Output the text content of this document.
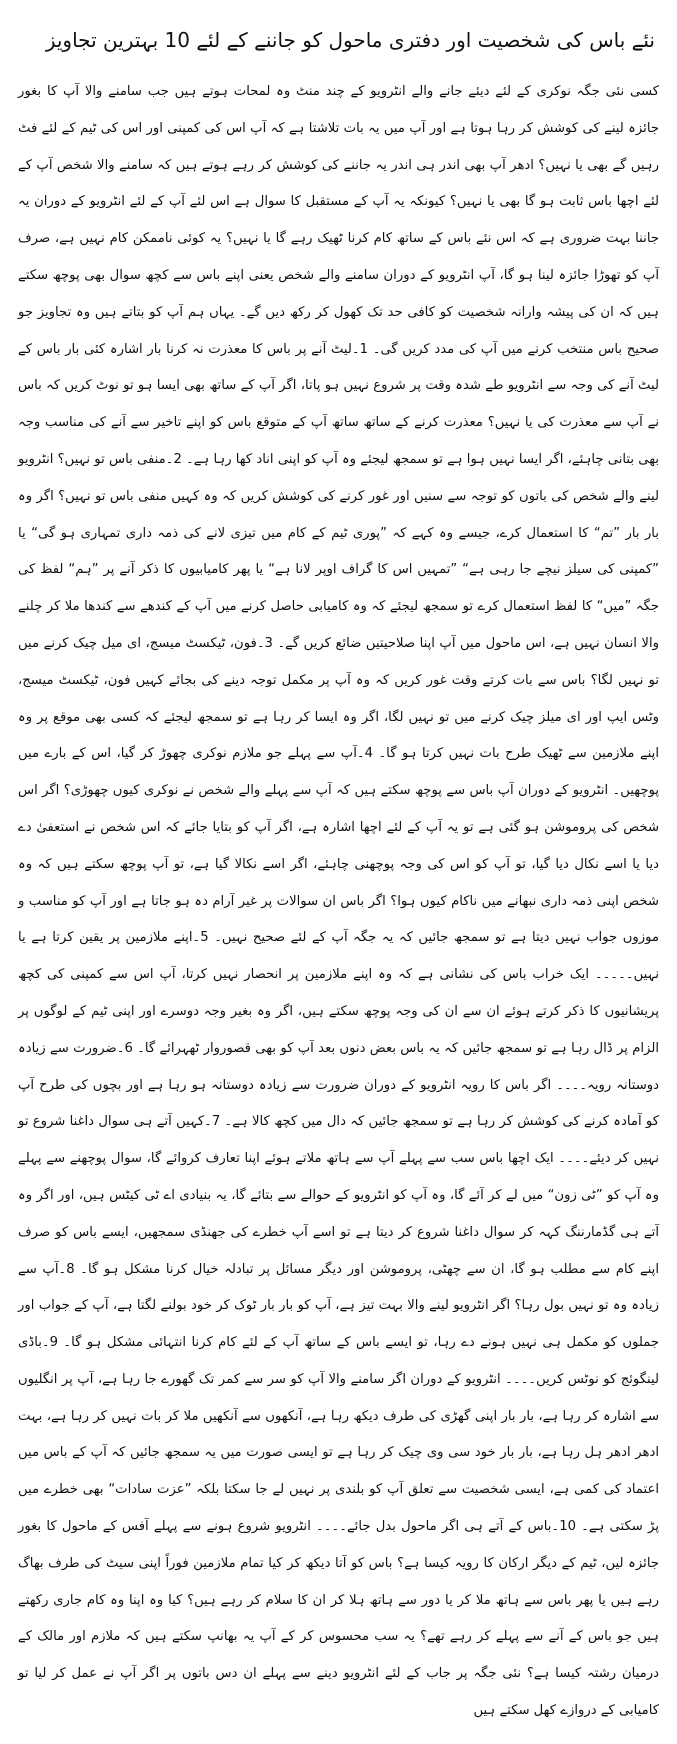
نئے باس کی شخصیت اور دفتری ماحول کو جاننے کے لئے 10 بہترین تجاویز

کسی نئی جگہ نوکری کے لئے دیئے جانے والے انٹرویو کے چند منٹ وہ لمحات ہوتے ہیں جب سامنے والا آپ کا بغور جائزہ لینے کی کوشش کر رہا ہوتا ہے اور آپ میں یہ بات تلاشتا ہے کہ آپ اس کی کمپنی اور اس کی ٹیم کے لئے فٹ رہیں گے بھی یا نہیں؟ ادھر آپ بھی اندر ہی اندر یہ جاننے کی کوشش کر رہے ہوتے ہیں کہ سامنے والا شخص آپ کے لئے اچھا باس ثابت ہو گا بھی یا نہیں؟ کیونکہ یہ آپ کے مستقبل کا سوال ہے اس لئے آپ کے لئے انٹرویو کے دوران یہ جاننا بہت ضروری ہے کہ اس نئے باس کے ساتھ کام کرنا ٹھیک رہے گا یا نہیں؟ یہ کوئی ناممکن کام نہیں ہے، صرف آپ کو تھوڑا جائزہ لینا ہو گا، آپ انٹرویو کے دوران سامنے والے شخص یعنی اپنے باس سے کچھ سوال بھی پوچھ سکتے ہیں کہ ان کی پیشہ وارانہ شخصیت کو کافی حد تک کھول کر رکھ دیں گے۔ یہاں ہم آپ کو بتاتے ہیں وہ تجاویز جو صحیح باس منتخب کرنے میں آپ کی مدد کریں گی۔ 1۔لیٹ آنے پر باس کا معذرت نہ کرنا بار اشارہ کئی بار باس کے لیٹ آنے کی وجہ سے انٹرویو طے شدہ وقت پر شروع نہیں ہو پاتا، اگر آپ کے ساتھ بھی ایسا ہو تو نوٹ کریں کہ باس نے آپ سے معذرت کی یا نہیں؟ معذرت کرنے کے ساتھ ساتھ آپ کے متوقع باس کو اپنے تاخیر سے آنے کی مناسب وجہ بھی بتانی چاہئے، اگر ایسا نہیں ہوا ہے تو سمجھ لیجئے وہ آپ کو اپنی اناد کھا رہا ہے۔ 2۔منفی باس تو نہیں؟ انٹرویو لینے والے شخص کی باتوں کو توجہ سے سنیں اور غور کرنے کی کوشش کریں کہ وہ کہیں منفی باس تو نہیں؟ اگر وہ بار بار ”تم“ کا استعمال کرے، جیسے وہ کہے کہ ”پوری ٹیم کے کام میں تیزی لانے کی ذمہ داری تمہاری ہو گی“ یا ”کمپنی کی سیلز نیچے جا رہی ہے“ ”تمہیں اس کا گراف اوپر لانا ہے“ یا پھر کامیابیوں کا ذکر آنے پر ”ہم“ لفظ کی جگہ ”میں“ کا لفظ استعمال کرے تو سمجھ لیجئے کہ وہ کامیابی حاصل کرنے میں آپ کے کندھے سے کندھا ملا کر چلنے والا انسان نہیں ہے، اس ماحول میں آپ اپنا صلاحیتیں ضائع کریں گے۔ 3۔فون، ٹیکسٹ میسج، ای میل چیک کرنے میں تو نہیں لگا؟ باس سے بات کرتے وقت غور کریں کہ وہ آپ پر مکمل توجہ دینے کی بجائے کہیں فون، ٹیکسٹ میسج، وٹس ایپ اور ای میلز چیک کرنے میں تو نہیں لگا، اگر وہ ایسا کر رہا ہے تو سمجھ لیجئے کہ کسی بھی موقع پر وہ اپنے ملازمین سے ٹھیک طرح بات نہیں کرتا ہو گا۔ 4۔آپ سے پہلے جو ملازم نوکری چھوڑ کر گیا، اس کے بارے میں پوچھیں۔ انٹرویو کے دوران آپ باس سے پوچھ سکتے ہیں کہ آپ سے پہلے والے شخص نے نوکری کیوں چھوڑی؟ اگر اس شخص کی پروموشن ہو گئی ہے تو یہ آپ کے لئے اچھا اشارہ ہے، اگر آپ کو بتایا جائے کہ اس شخص نے استعفیٰ دے دیا یا اسے نکال دیا گیا، تو آپ کو اس کی وجہ پوچھنی چاہئے، اگر اسے نکالا گیا ہے، تو آپ پوچھ سکتے ہیں کہ وہ شخص اپنی ذمہ داری نبھانے میں ناکام کیوں ہوا؟ اگر باس ان سوالات پر غیر آرام دہ ہو جاتا ہے اور آپ کو مناسب و موزوں جواب نہیں دیتا ہے تو سمجھ جائیں کہ یہ جگہ آپ کے لئے صحیح نہیں۔ 5۔اپنے ملازمین پر یقین کرتا ہے یا نہیں۔۔۔۔۔ ایک خراب باس کی نشانی ہے کہ وہ اپنے ملازمین پر انحصار نہیں کرتا، آپ اس سے کمپنی کی کچھ پریشانیوں کا ذکر کرتے ہوئے ان سے ان کی وجہ پوچھ سکتے ہیں، اگر وہ بغیر وجہ دوسرے اور اپنی ٹیم کے لوگوں پر الزام پر ڈال رہا ہے تو سمجھ جائیں کہ یہ باس بعض دنوں بعد آپ کو بھی قصوروار ٹھہرائے گا۔ 6۔ضرورت سے زیادہ دوستانہ رویہ۔۔۔۔ اگر باس کا رویہ انٹرویو کے دوران ضرورت سے زیادہ دوستانہ ہو رہا ہے اور بچوں کی طرح آپ کو آمادہ کرنے کی کوشش کر رہا ہے تو سمجھ جائیں کہ دال میں کچھ کالا ہے۔ 7۔کہیں آتے ہی سوال داغنا شروع تو نہیں کر دیئے۔۔۔۔ ایک اچھا باس سب سے پہلے آپ سے ہاتھ ملاتے ہوئے اپنا تعارف کروائے گا، سوال پوچھنے سے پہلے وہ آپ کو ”ٹی زون“ میں لے کر آئے گا، وہ آپ کو انٹرویو کے حوالے سے بتائے گا، یہ بنیادی اے ٹی کیٹس ہیں، اور اگر وہ آتے ہی گڈمارننگ کہہ کر سوال داغنا شروع کر دیتا ہے تو اسے آپ خطرے کی جھنڈی سمجھیں، ایسے باس کو صرف اپنے کام سے مطلب ہو گا، ان سے چھٹی، پروموشن اور دیگر مسائل پر تبادلہ خیال کرنا مشکل ہو گا۔ 8۔آپ سے زیادہ وہ تو نہیں بول رہا؟ اگر انٹرویو لینے والا بہت تیز ہے، آپ کو بار بار ٹوک کر خود بولنے لگتا ہے، آپ کے جواب اور جملوں کو مکمل ہی نہیں ہونے دے رہا، تو ایسے باس کے ساتھ آپ کے لئے کام کرنا انتہائی مشکل ہو گا۔ 9۔باڈی لینگوئج کو نوٹس کریں۔۔۔۔ انٹرویو کے دوران اگر سامنے والا آپ کو سر سے کمر تک گھورے جا رہا ہے، آپ پر انگلیوں سے اشارہ کر رہا ہے، بار بار اپنی گھڑی کی طرف دیکھ رہا ہے، آنکھوں سے آنکھیں ملا کر بات نہیں کر رہا ہے، بہت ادھر ادھر ہل رہا ہے، بار بار خود سی وی چیک کر رہا ہے تو ایسی صورت میں یہ سمجھ جائیں کہ آپ کے باس میں اعتماد کی کمی ہے، ایسی شخصیت سے تعلق آپ کو بلندی پر نہیں لے جا سکتا بلکہ ”عزت سادات“ بھی خطرے میں پڑ سکتی ہے۔ 10۔باس کے آتے ہی اگر ماحول بدل جائے۔۔۔۔ انٹرویو شروع ہونے سے پہلے آفس کے ماحول کا بغور جائزہ لیں، ٹیم کے دیگر ارکان کا رویہ کیسا ہے؟ باس کو آتا دیکھ کر کیا تمام ملازمین فوراً اپنی سیٹ کی طرف بھاگ رہے ہیں یا پھر باس سے ہاتھ ملا کر یا دور سے ہاتھ ہلا کر ان کا سلام کر رہے ہیں؟ کیا وہ اپنا وہ کام جاری رکھتے ہیں جو باس کے آنے سے پہلے کر رہے تھے؟ یہ سب محسوس کر کے آپ یہ بھانپ سکتے ہیں کہ ملازم اور مالک کے درمیان رشتہ کیسا ہے؟ نئی جگہ پر جاب کے لئے انٹرویو دینے سے پہلے ان دس باتوں پر اگر آپ نے عمل کر لیا تو کامیابی کے دروازے کھل سکتے ہیں
